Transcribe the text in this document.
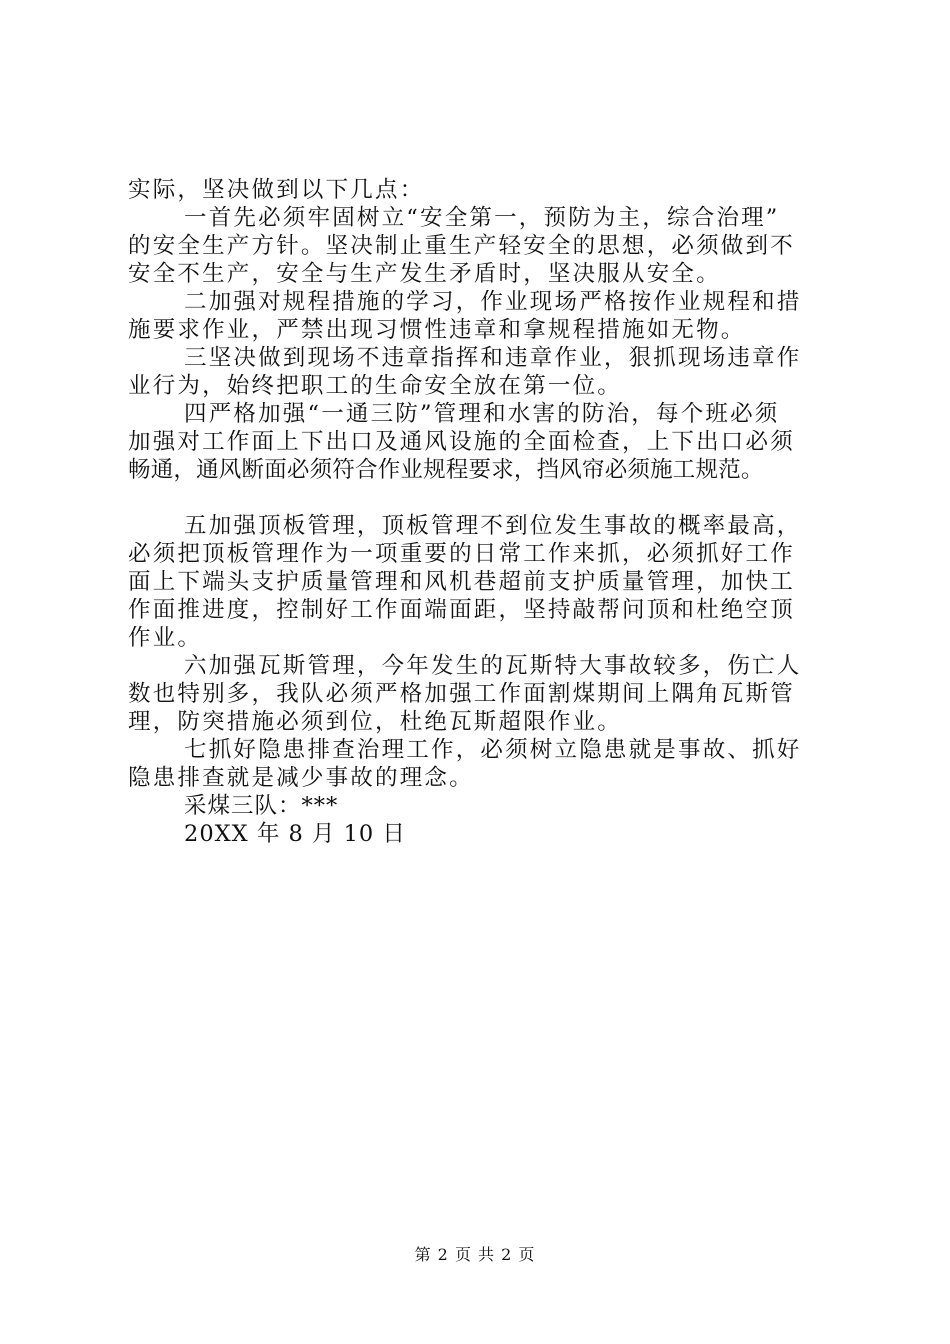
实际，坚决做到以下几点：
一首先必须牢固树立“安全第一，预防为主，综合治理”
的安全生产方针。坚决制止重生产轻安全的思想，必须做到不
安全不生产，安全与生产发生矛盾时，坚决服从安全。
二加强对规程措施的学习，作业现场严格按作业规程和措
施要求作业，严禁出现习惯性违章和拿规程措施如无物。
三坚决做到现场不违章指挥和违章作业，狠抓现场违章作
业行为，始终把职工的生命安全放在第一位。
四严格加强“一通三防”管理和水害的防治，每个班必须
加强对工作面上下出口及通风设施的全面检查，上下出口必须
畅通，通风断面必须符合作业规程要求，挡风帘必须施工规范。
五加强顶板管理，顶板管理不到位发生事故的概率最高，
必须把顶板管理作为一项重要的日常工作来抓，必须抓好工作
面上下端头支护质量管理和风机巷超前支护质量管理，加快工
作面推进度，控制好工作面端面距，坚持敲帮问顶和杜绝空顶
作业。
六加强瓦斯管理，今年发生的瓦斯特大事故较多，伤亡人
数也特别多，我队必须严格加强工作面割煤期间上隅角瓦斯管
理，防突措施必须到位，杜绝瓦斯超限作业。
七抓好隐患排查治理工作，必须树立隐患就是事故、抓好
隐患排查就是减少事故的理念。
采煤三队：***
20XX 年 8 月 10 日
第 2 页 共 2 页
